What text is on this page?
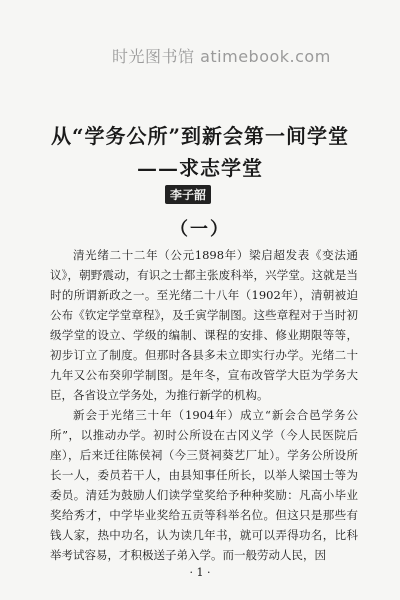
时光图书馆 atimebook.com
从“学务公所”到新会第一间学堂
——求志学堂
李子韶
（一）

清光绪二十二年（公元1898年）梁启超发表《变法通议》，朝野震动，有识之士都主张废科举，兴学堂。这就是当时的所谓新政之一。至光绪二十八年（1902年），清朝被迫公布《钦定学堂章程》，及壬寅学制图。这些章程对于当时初级学堂的设立、学级的编制、课程的安排、修业期限等等，初步订立了制度。但那时各县多未立即实行办学。光绪二十九年又公布癸卯学制图。是年冬，宣布改管学大臣为学务大臣，各省设立学务处，为推行新学的机构。

新会于光绪三十年（1904年）成立“新会合邑学务公所”，以推动办学。初时公所设在古冈义学（今人民医院后座），后来迁往陈侯祠（今三贤祠葵艺厂址）。学务公所设所长一人，委员若干人，由县知事任所长，以举人梁国士等为委员。清廷为鼓励人们读学堂奖给予种种奖励：凡高小毕业奖给秀才，中学毕业奖给五贡等科举名位。但这只是那些有钱人家，热中功名，认为读几年书，就可以弄得功名，比科举考试容易，才积极送子弟入学。而一般劳动人民，因

· 1 ·
